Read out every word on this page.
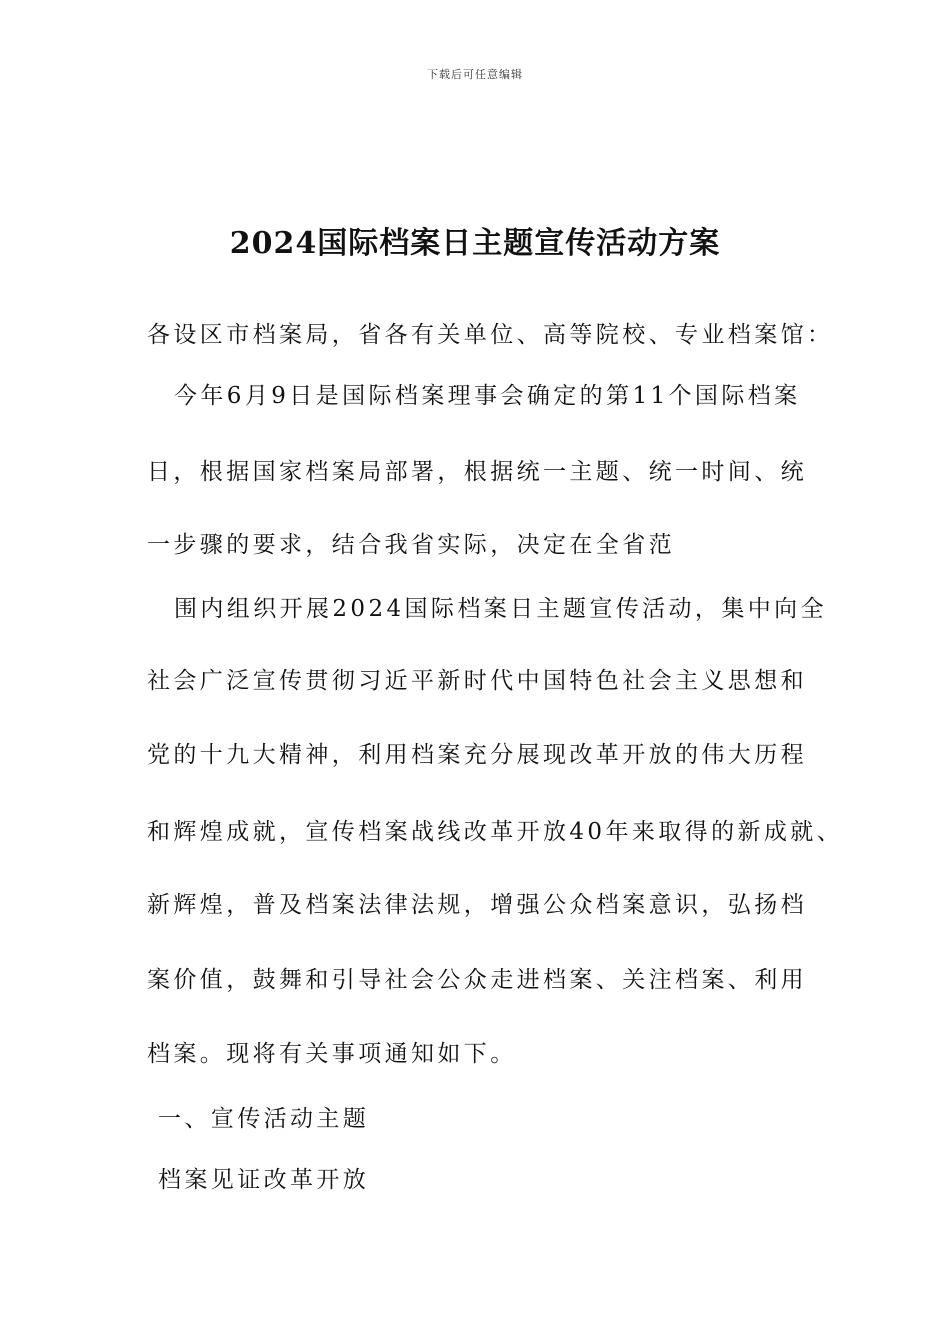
下载后可任意编辑
2024国际档案日主题宣传活动方案
各设区市档案局，省各有关单位、高等院校、专业档案馆：
今年6月9日是国际档案理事会确定的第11个国际档案
日，根据国家档案局部署，根据统一主题、统一时间、统
一步骤的要求，结合我省实际，决定在全省范
围内组织开展2024国际档案日主题宣传活动，集中向全
社会广泛宣传贯彻习近平新时代中国特色社会主义思想和
党的十九大精神，利用档案充分展现改革开放的伟大历程
和辉煌成就，宣传档案战线改革开放40年来取得的新成就、
新辉煌，普及档案法律法规，增强公众档案意识，弘扬档
案价值，鼓舞和引导社会公众走进档案、关注档案、利用
档案。现将有关事项通知如下。
一、宣传活动主题
档案见证改革开放
